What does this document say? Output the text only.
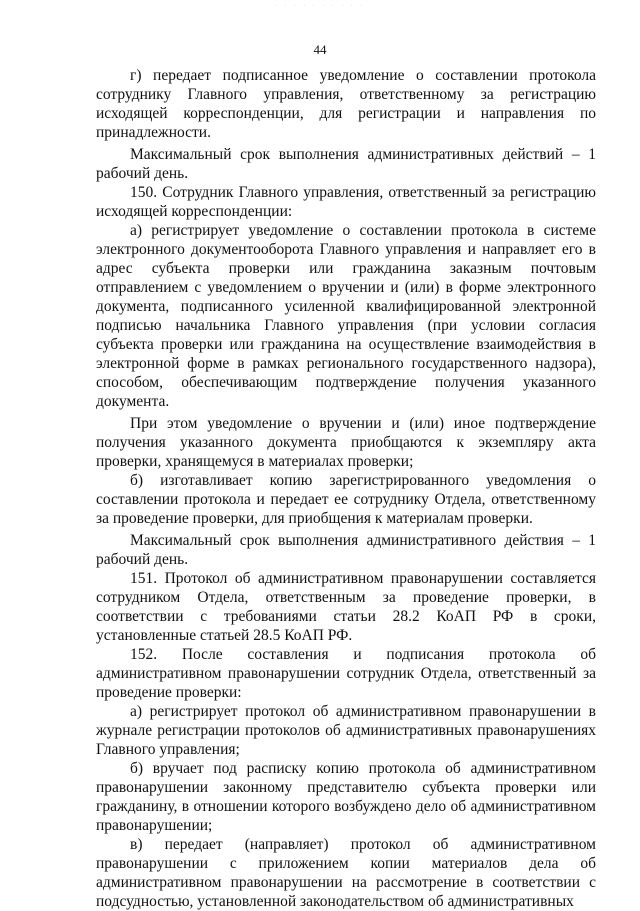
· · · · · · · · · ·
44

г) передает подписанное уведомление о составлении протокола сотруднику Главного управления, ответственному за регистрацию исходящей корреспонденции, для регистрации и направления по принадлежности.

Максимальный срок выполнения административных действий – 1 рабочий день.

150. Сотрудник Главного управления, ответственный за регистрацию исходящей корреспонденции:

а) регистрирует уведомление о составлении протокола в системе электронного документооборота Главного управления и направляет его в адрес субъекта проверки или гражданина заказным почтовым отправлением с уведомлением о вручении и (или) в форме электронного документа, подписанного усиленной квалифицированной электронной подписью начальника Главного управления (при условии согласия субъекта проверки или гражданина на осуществление взаимодействия в электронной форме в рамках регионального государственного надзора), способом, обеспечивающим подтверждение получения указанного документа.

При этом уведомление о вручении и (или) иное подтверждение получения указанного документа приобщаются к экземпляру акта проверки, хранящемуся в материалах проверки;

б) изготавливает копию зарегистрированного уведомления о составлении протокола и передает ее сотруднику Отдела, ответственному за проведение проверки, для приобщения к материалам проверки.

Максимальный срок выполнения административного действия – 1 рабочий день.

151. Протокол об административном правонарушении составляется сотрудником Отдела, ответственным за проведение проверки, в соответствии с требованиями статьи 28.2 КоАП РФ в сроки, установленные статьей 28.5 КоАП РФ.

152. После составления и подписания протокола об административном правонарушении сотрудник Отдела, ответственный за проведение проверки:

а) регистрирует протокол об административном правонарушении в журнале регистрации протоколов об административных правонарушениях Главного управления;

б) вручает под расписку копию протокола об административном правонарушении законному представителю субъекта проверки или гражданину, в отношении которого возбуждено дело об административном правонарушении;

в) передает (направляет) протокол об административном правонарушении с приложением копии материалов дела об административном правонарушении на рассмотрение в соответствии с подсудностью, установленной законодательством об административных
